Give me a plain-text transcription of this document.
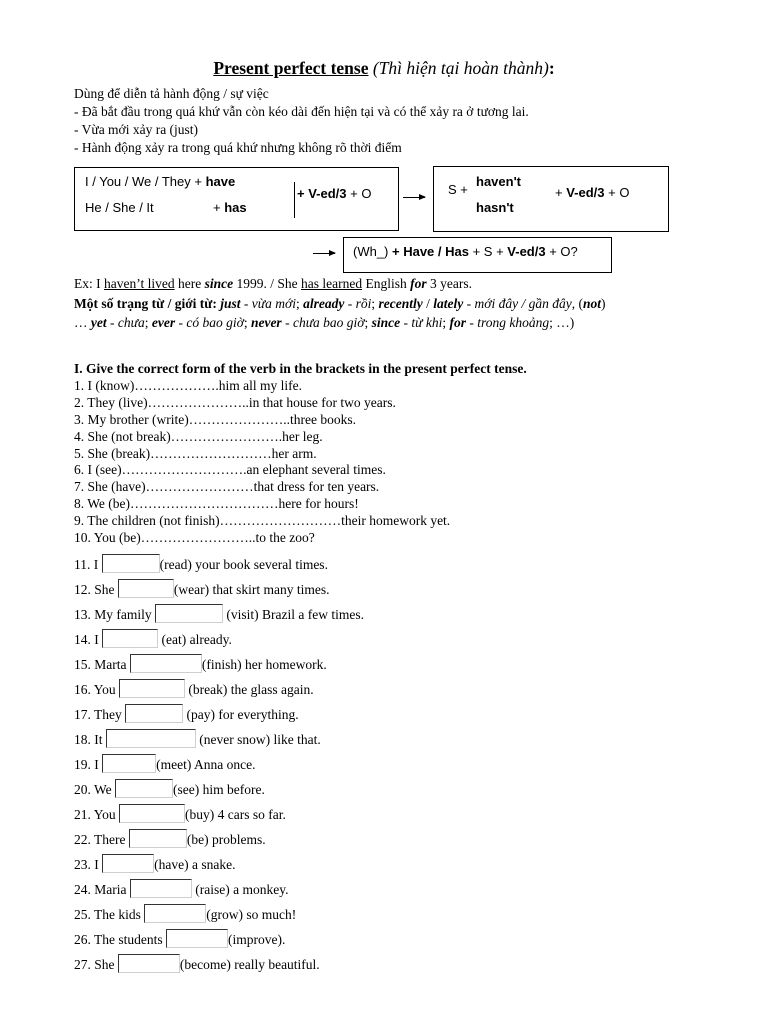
Present perfect tense (Thì hiện tại hoàn thành):
Dùng để diễn tả hành động / sự việc
- Đã bắt đầu trong quá khứ vẫn còn kéo dài đến hiện tại và có thể xảy ra ở tương lai.
- Vừa mới xảy ra (just)
- Hành động xảy ra trong quá khứ nhưng không rõ thời điểm
I / You / We / They + have
He / She / It	+ has
+ V-ed/3 + O	S +
haven't
hasn't
+ V-ed/3 + O
(Wh_) + Have / Has + S + V-ed/3 + O?
Ex: I haven’t lived here since 1999. / She has learned English for 3 years.
Một số trạng từ / giới từ: just - vừa mới; already - rồi; recently / lately - mới đây / gần đây, (not)
… yet - chưa; ever - có bao giờ; never - chưa bao giờ; since - từ khi; for - trong khoảng; …)
I. Give the correct form of the verb in the brackets in the present perfect tense.
1. I (know)……………….him all my life.
2. They (live)…………………..in that house for two years.
3. My brother (write)…………………..three books.
4. She (not break)…………………….her leg.
5. She (break)………………………her arm.
6. I (see)……………………….an elephant several times.
7. She (have)……………………that dress for ten years.
8. We (be)……………………………here for hours!
9. The children (not finish)………………………their homework yet.
10. You (be)……………………..to the zoo?
11. I	(read) your book several times.
12. She	(wear) that skirt many times.
13. My family	(visit) Brazil a few times.
14. I	(eat) already.
15. Marta	(finish) her homework.
16. You	(break) the glass again.
17. They	(pay) for everything.
18. It	(never snow) like that.
19. I	(meet) Anna once.
20. We	(see) him before.
21. You	(buy) 4 cars so far.
22. There	(be) problems.
23. I	(have) a snake.
24. Maria	(raise) a monkey.
25. The kids	(grow) so much!
26. The students	(improve).
27. She	(become) really beautiful.
